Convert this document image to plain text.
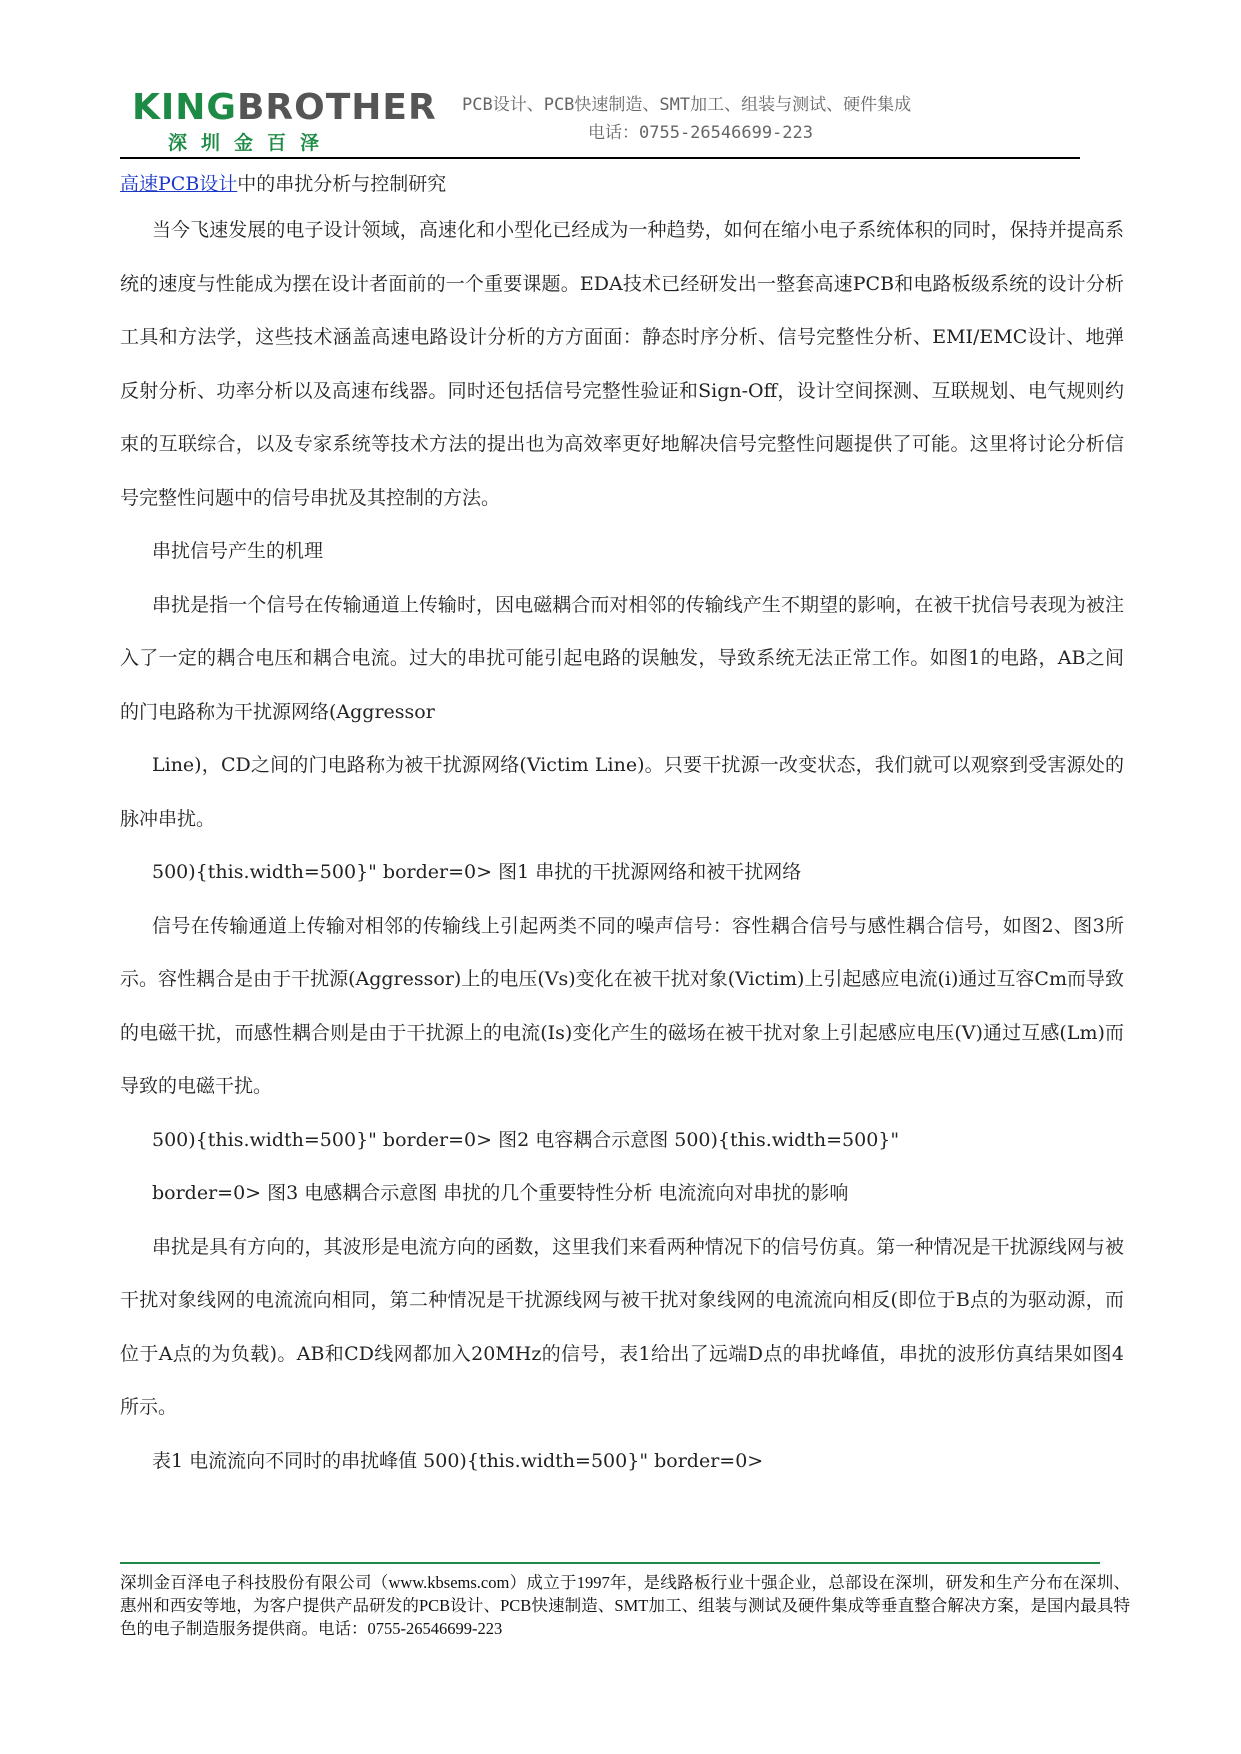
KINGBROTHER
深圳金百泽
PCB设计、PCB快速制造、SMT加工、组装与测试、硬件集成
电话：0755-26546699-223
高速PCB设计中的串扰分析与控制研究

当今飞速发展的电子设计领域，高速化和小型化已经成为一种趋势，如何在缩小电子系统体积的同时，保持并提高系统的速度与性能成为摆在设计者面前的一个重要课题。EDA技术已经研发出一整套高速PCB和电路板级系统的设计分析工具和方法学，这些技术涵盖高速电路设计分析的方方面面：静态时序分析、信号完整性分析、EMI/EMC设计、地弹反射分析、功率分析以及高速布线器。同时还包括信号完整性验证和Sign-Off，设计空间探测、互联规划、电气规则约束的互联综合，以及专家系统等技术方法的提出也为高效率更好地解决信号完整性问题提供了可能。这里将讨论分析信号完整性问题中的信号串扰及其控制的方法。

串扰信号产生的机理

串扰是指一个信号在传输通道上传输时，因电磁耦合而对相邻的传输线产生不期望的影响，在被干扰信号表现为被注入了一定的耦合电压和耦合电流。过大的串扰可能引起电路的误触发，导致系统无法正常工作。如图1的电路，AB之间的门电路称为干扰源网络(Aggressor

Line)，CD之间的门电路称为被干扰源网络(Victim Line)。只要干扰源一改变状态，我们就可以观察到受害源处的脉冲串扰。

500){this.width=500}" border=0> 图1 串扰的干扰源网络和被干扰网络

信号在传输通道上传输对相邻的传输线上引起两类不同的噪声信号：容性耦合信号与感性耦合信号，如图2、图3所示。容性耦合是由于干扰源(Aggressor)上的电压(Vs)变化在被干扰对象(Victim)上引起感应电流(i)通过互容Cm而导致的电磁干扰，而感性耦合则是由于干扰源上的电流(Is)变化产生的磁场在被干扰对象上引起感应电压(V)通过互感(Lm)而导致的电磁干扰。

500){this.width=500}" border=0> 图2 电容耦合示意图 500){this.width=500}"

border=0> 图3 电感耦合示意图 串扰的几个重要特性分析 电流流向对串扰的影响

串扰是具有方向的，其波形是电流方向的函数，这里我们来看两种情况下的信号仿真。第一种情况是干扰源线网与被干扰对象线网的电流流向相同，第二种情况是干扰源线网与被干扰对象线网的电流流向相反(即位于B点的为驱动源，而位于A点的为负载)。AB和CD线网都加入20MHz的信号，表1给出了远端D点的串扰峰值，串扰的波形仿真结果如图4所示。

表1 电流流向不同时的串扰峰值 500){this.width=500}" border=0>

深圳金百泽电子科技股份有限公司（www.kbsems.com）成立于1997年，是线路板行业十强企业，总部设在深圳，研发和生产分布在深圳、惠州和西安等地，为客户提供产品研发的PCB设计、PCB快速制造、SMT加工、组装与测试及硬件集成等垂直整合解决方案，是国内最具特色的电子制造服务提供商。电话：0755-26546699-223
